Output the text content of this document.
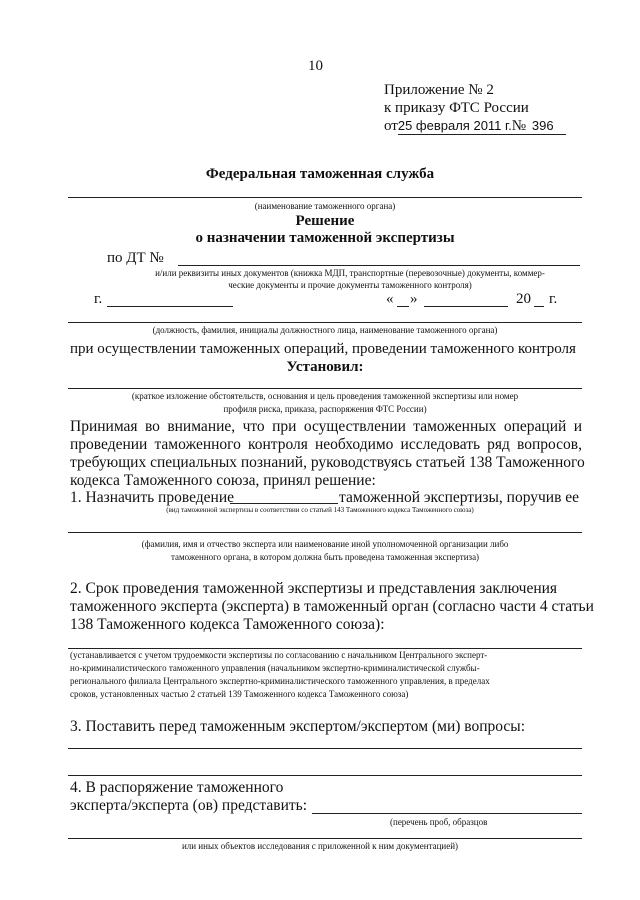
10
Приложение № 2
к приказу ФТС России
от25 февраля 2011 г.№ 396
Федеральная таможенная служба
(наименование таможенного органа)
Решение
о назначении таможенной экспертизы
по ДТ №
и/или реквизиты иных документов (книжка МДП, транспортные (перевозочные) документы, коммер-
ческие документы и прочие документы таможенного контроля)
г.	« »	20 г.
(должность, фамилия, инициалы должностного лица, наименование таможенного органа)
при осуществлении таможенных операций, проведении таможенного контроля
Установил:
(краткое изложение обстоятельств, основания и цель проведения таможенной экспертизы или номер
профиля риска, приказа, распоряжения ФТС России)
Принимая во внимание, что при осуществлении таможенных операций и
проведении таможенного контроля необходимо исследовать ряд вопросов,
требующих специальных познаний, руководствуясь статьей 138 Таможенного
кодекса Таможенного союза, принял решение:
1. Назначить проведение	таможенной экспертизы, поручив ее
(вид таможенной экспертизы в соответствии со статьей 143 Таможенного кодекса Таможенного союза)
(фамилия, имя и отчество эксперта или наименование иной уполномоченной организации либо
таможенного органа, в котором должна быть проведена таможенная экспертиза)
2. Срок проведения таможенной экспертизы и представления заключения
таможенного эксперта (эксперта) в таможенный орган (согласно части 4 статьи
138 Таможенного кодекса Таможенного союза):
(устанавливается с учетом трудоемкости экспертизы по согласованию с начальником Центрального эксперт-
но-криминалистического таможенного управления (начальником экспертно-криминалистической службы-
регионального филиала Центрального экспертно-криминалистического таможенного управления, в пределах
сроков, установленных частью 2 статьей 139 Таможенного кодекса Таможенного союза)
3. Поставить перед таможенным экспертом/экспертом (ми) вопросы:
4. В распоряжение таможенного
эксперта/эксперта (ов) представить:
(перечень проб, образцов
или иных объектов исследования с приложенной к ним документацией)
